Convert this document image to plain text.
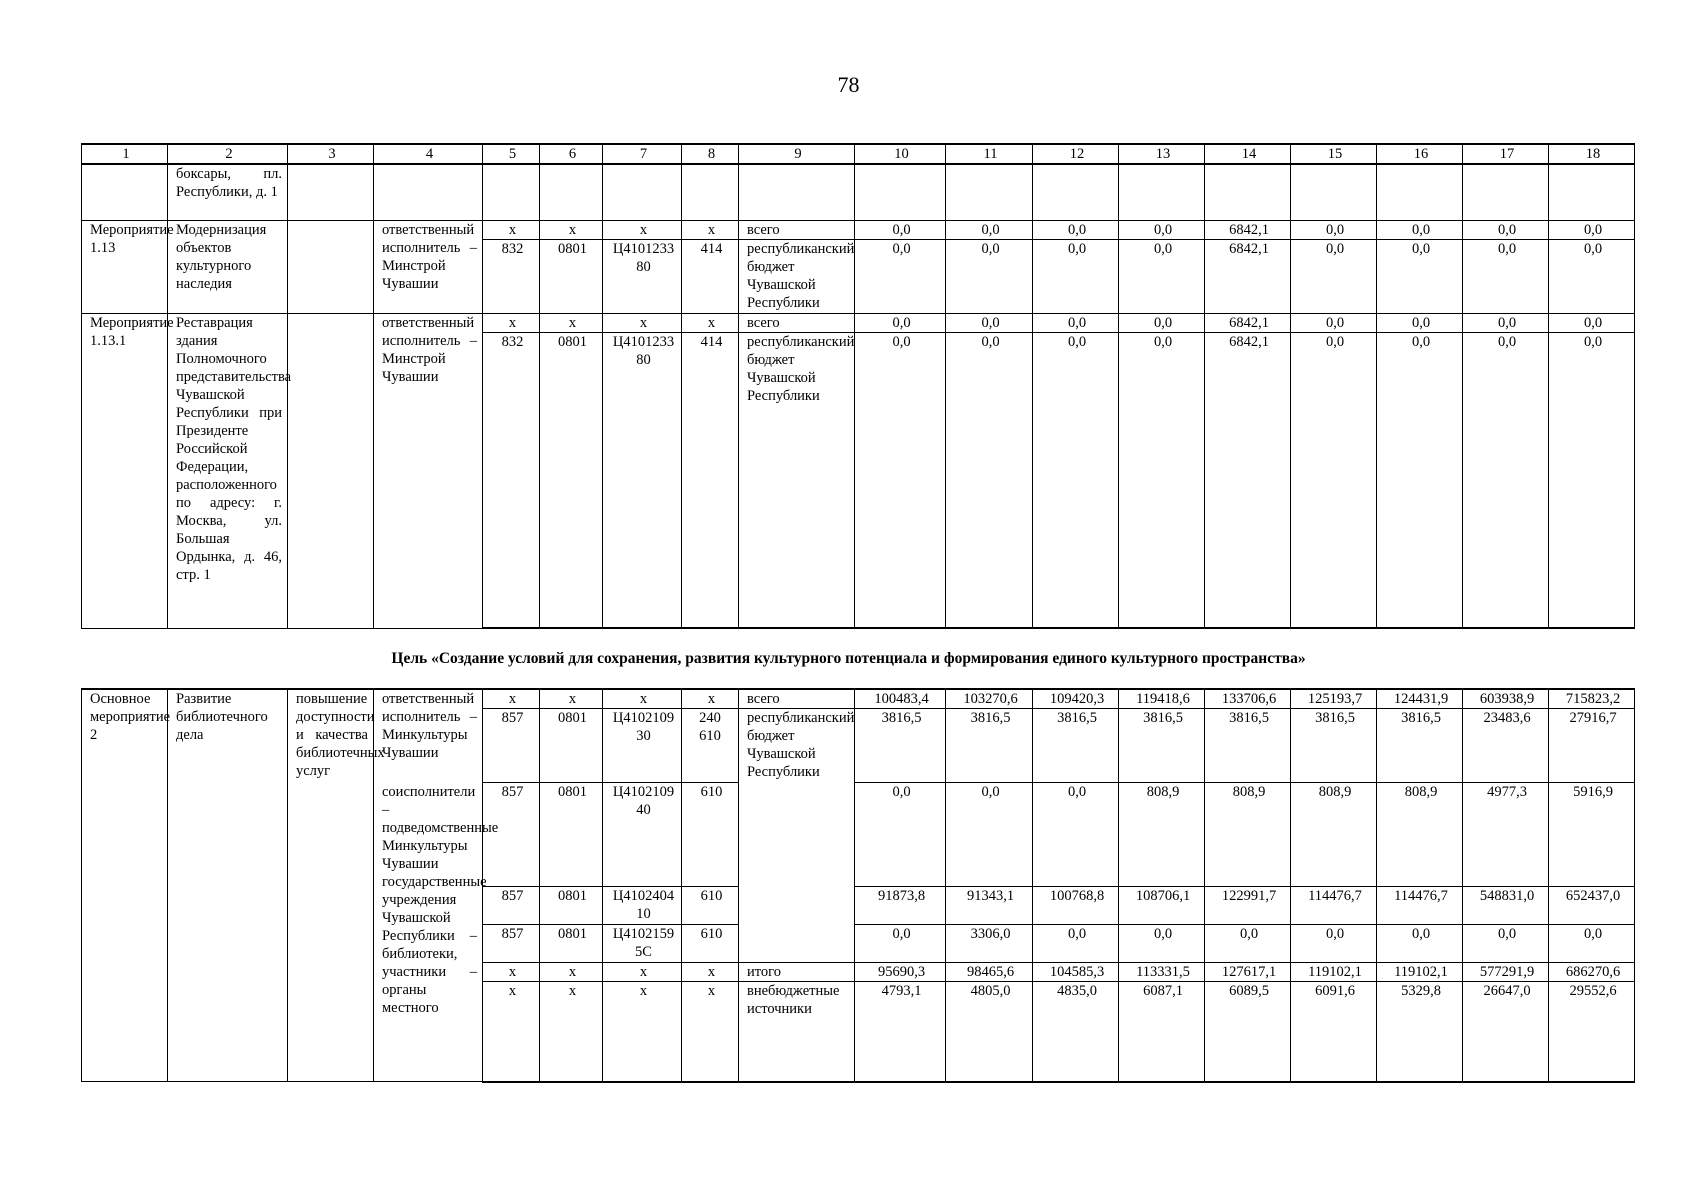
78
1	2	3	4	5	6	7	8	9	10	11	12	13	14	15	16	17	18
	боксары, пл. Республики, д. 1																
Мероприятие 1.13	Модернизация объектов культурного наследия		ответственный исполнитель – Минстрой Чувашии	х	х	х	х	всего	0,0	0,0	0,0	0,0	6842,1	0,0	0,0	0,0	0,0
				832	0801	Ц410123380	414	республиканский бюджет Чувашской Республики	0,0	0,0	0,0	0,0	6842,1	0,0	0,0	0,0	0,0
Мероприятие 1.13.1	Реставрация здания Полномочного представительства Чувашской Республики при Президенте Российской Федерации, расположенного по адресу: г. Москва, ул. Большая Ордынка, д. 46, стр. 1		ответственный исполнитель – Минстрой Чувашии	х	х	х	х	всего	0,0	0,0	0,0	0,0	6842,1	0,0	0,0	0,0	0,0
				832	0801	Ц410123380	414	республиканский бюджет Чувашской Республики	0,0	0,0	0,0	0,0	6842,1	0,0	0,0	0,0	0,0
Цель «Создание условий для сохранения, развития культурного потенциала и формирования единого культурного пространства»
Основное мероприятие 2	Развитие библиотечного дела	повышение доступности и качества библиотечных услуг	ответственный исполнитель – Минкультуры Чувашии	х	х	х	х	всего	100483,4	103270,6	109420,3	119418,6	133706,6	125193,7	124431,9	603938,9	715823,2
				857	0801	Ц410210930	240 610	республиканский бюджет Чувашской Республики	3816,5	3816,5	3816,5	3816,5	3816,5	3816,5	3816,5	23483,6	27916,7
			соисполнители – подведомственные Минкультуры Чувашии государственные учреждения Чувашской Республики – библиотеки, участники – органы местного	857	0801	Ц410210940	610		0,0	0,0	0,0	808,9	808,9	808,9	808,9	4977,3	5916,9
				857	0801	Ц410240410	610		91873,8	91343,1	100768,8	108706,1	122991,7	114476,7	114476,7	548831,0	652437,0
				857	0801	Ц41021595С	610		0,0	3306,0	0,0	0,0	0,0	0,0	0,0	0,0	0,0
				х	х	х	х	итого	95690,3	98465,6	104585,3	113331,5	127617,1	119102,1	119102,1	577291,9	686270,6
				х	х	х	х	внебюджетные источники	4793,1	4805,0	4835,0	6087,1	6089,5	6091,6	5329,8	26647,0	29552,6
